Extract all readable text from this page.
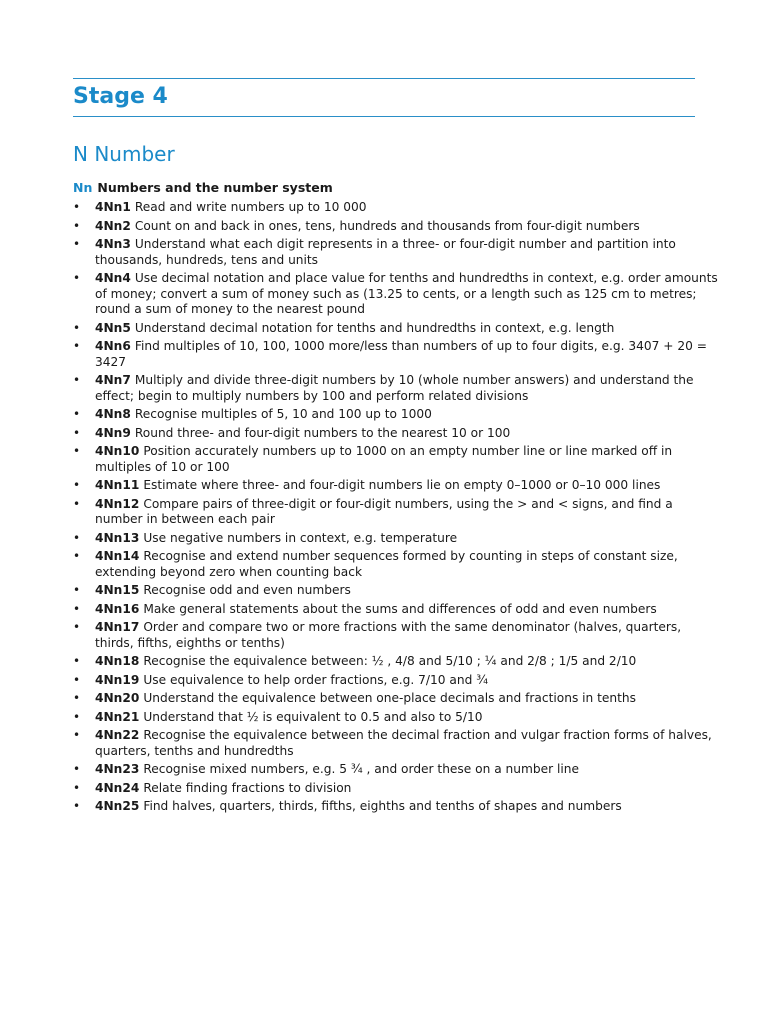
Stage 4
N Number
Nn Numbers and the number system
• 4Nn1 Read and write numbers up to 10 000
• 4Nn2 Count on and back in ones, tens, hundreds and thousands from four-digit numbers
• 4Nn3 Understand what each digit represents in a three- or four-digit number and partition into thousands, hundreds, tens and units
• 4Nn4 Use decimal notation and place value for tenths and hundredths in context, e.g. order amounts of money; convert a sum of money such as (13.25 to cents, or a length such as 125 cm to metres; round a sum of money to the nearest pound
• 4Nn5 Understand decimal notation for tenths and hundredths in context, e.g. length
• 4Nn6 Find multiples of 10, 100, 1000 more/less than numbers of up to four digits, e.g. 3407 + 20 = 3427
• 4Nn7 Multiply and divide three-digit numbers by 10 (whole number answers) and understand the effect; begin to multiply numbers by 100 and perform related divisions
• 4Nn8 Recognise multiples of 5, 10 and 100 up to 1000
• 4Nn9 Round three- and four-digit numbers to the nearest 10 or 100
• 4Nn10 Position accurately numbers up to 1000 on an empty number line or line marked off in multiples of 10 or 100
• 4Nn11 Estimate where three- and four-digit numbers lie on empty 0–1000 or 0–10 000 lines
• 4Nn12 Compare pairs of three-digit or four-digit numbers, using the > and < signs, and find a number in between each pair
• 4Nn13 Use negative numbers in context, e.g. temperature
• 4Nn14 Recognise and extend number sequences formed by counting in steps of constant size, extending beyond zero when counting back
• 4Nn15 Recognise odd and even numbers
• 4Nn16 Make general statements about the sums and differences of odd and even numbers
• 4Nn17 Order and compare two or more fractions with the same denominator (halves, quarters, thirds, fifths, eighths or tenths)
• 4Nn18 Recognise the equivalence between: ½ , 4/8 and 5/10 ; ¼ and 2/8 ; 1/5 and 2/10
• 4Nn19 Use equivalence to help order fractions, e.g. 7/10 and ¾
• 4Nn20 Understand the equivalence between one-place decimals and fractions in tenths
• 4Nn21 Understand that ½ is equivalent to 0.5 and also to 5/10
• 4Nn22 Recognise the equivalence between the decimal fraction and vulgar fraction forms of halves, quarters, tenths and hundredths
• 4Nn23 Recognise mixed numbers, e.g. 5 ¾ , and order these on a number line
• 4Nn24 Relate finding fractions to division
• 4Nn25 Find halves, quarters, thirds, fifths, eighths and tenths of shapes and numbers
